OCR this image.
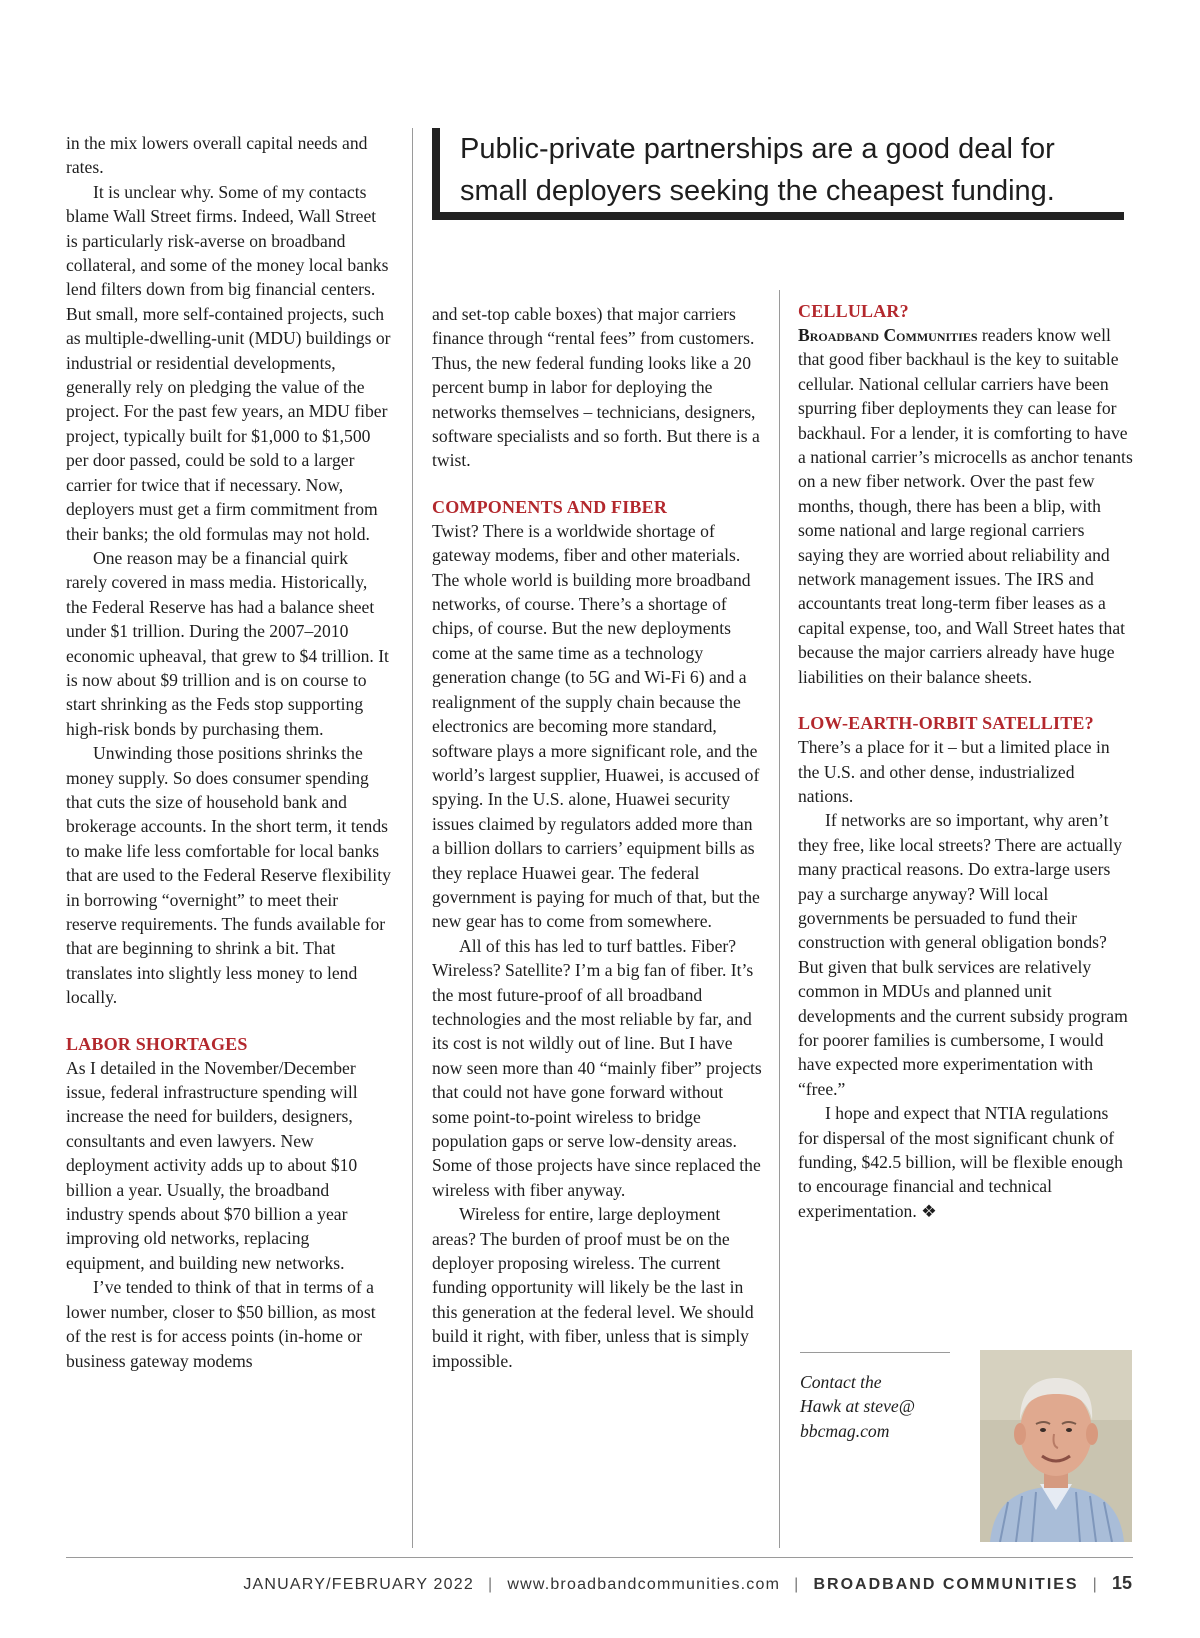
Public-private partnerships are a good deal for small deployers seeking the cheapest funding.

in the mix lowers overall capital needs and rates.

It is unclear why. Some of my contacts blame Wall Street firms. Indeed, Wall Street is particularly risk-averse on broadband collateral, and some of the money local banks lend filters down from big financial centers. But small, more self-contained projects, such as multiple-dwelling-unit (MDU) buildings or industrial or residential developments, generally rely on pledging the value of the project. For the past few years, an MDU fiber project, typically built for $1,000 to $1,500 per door passed, could be sold to a larger carrier for twice that if necessary. Now, deployers must get a firm commitment from their banks; the old formulas may not hold.

One reason may be a financial quirk rarely covered in mass media. Historically, the Federal Reserve has had a balance sheet under $1 trillion. During the 2007–2010 economic upheaval, that grew to $4 trillion. It is now about $9 trillion and is on course to start shrinking as the Feds stop supporting high-risk bonds by purchasing them.

Unwinding those positions shrinks the money supply. So does consumer spending that cuts the size of household bank and brokerage accounts. In the short term, it tends to make life less comfortable for local banks that are used to the Federal Reserve flexibility in borrowing “overnight” to meet their reserve requirements. The funds available for that are beginning to shrink a bit. That translates into slightly less money to lend locally.

LABOR SHORTAGES

As I detailed in the November/December issue, federal infrastructure spending will increase the need for builders, designers, consultants and even lawyers. New deployment activity adds up to about $10 billion a year. Usually, the broadband industry spends about $70 billion a year improving old networks, replacing equipment, and building new networks.

I’ve tended to think of that in terms of a lower number, closer to $50 billion, as most of the rest is for access points (in-home or business gateway modems

and set-top cable boxes) that major carriers finance through “rental fees” from customers. Thus, the new federal funding looks like a 20 percent bump in labor for deploying the networks themselves – technicians, designers, software specialists and so forth. But there is a twist.

COMPONENTS AND FIBER

Twist? There is a worldwide shortage of gateway modems, fiber and other materials. The whole world is building more broadband networks, of course. There’s a shortage of chips, of course. But the new deployments come at the same time as a technology generation change (to 5G and Wi-Fi 6) and a realignment of the supply chain because the electronics are becoming more standard, software plays a more significant role, and the world’s largest supplier, Huawei, is accused of spying. In the U.S. alone, Huawei security issues claimed by regulators added more than a billion dollars to carriers’ equipment bills as they replace Huawei gear. The federal government is paying for much of that, but the new gear has to come from somewhere.

All of this has led to turf battles. Fiber? Wireless? Satellite? I’m a big fan of fiber. It’s the most future-proof of all broadband technologies and the most reliable by far, and its cost is not wildly out of line. But I have now seen more than 40 “mainly fiber” projects that could not have gone forward without some point-to-point wireless to bridge population gaps or serve low-density areas. Some of those projects have since replaced the wireless with fiber anyway.

Wireless for entire, large deployment areas? The burden of proof must be on the deployer proposing wireless. The current funding opportunity will likely be the last in this generation at the federal level. We should build it right, with fiber, unless that is simply impossible.

CELLULAR?

Broadband Communities readers know well that good fiber backhaul is the key to suitable cellular. National cellular carriers have been spurring fiber deployments they can lease for backhaul. For a lender, it is comforting to have a national carrier’s microcells as anchor tenants on a new fiber network. Over the past few months, though, there has been a blip, with some national and large regional carriers saying they are worried about reliability and network management issues. The IRS and accountants treat long-term fiber leases as a capital expense, too, and Wall Street hates that because the major carriers already have huge liabilities on their balance sheets.

LOW-EARTH-ORBIT SATELLITE?

There’s a place for it – but a limited place in the U.S. and other dense, industrialized nations.

If networks are so important, why aren’t they free, like local streets? There are actually many practical reasons. Do extra-large users pay a surcharge anyway? Will local governments be persuaded to fund their construction with general obligation bonds? But given that bulk services are relatively common in MDUs and planned unit developments and the current subsidy program for poorer families is cumbersome, I would have expected more experimentation with “free.”

I hope and expect that NTIA regulations for dispersal of the most significant chunk of funding, $42.5 billion, will be flexible enough to encourage financial and technical experimentation. ❖

Contact the
Hawk at steve@
bbcmag.com
JANUARY/FEBRUARY 2022 | www.broadbandcommunities.com | BROADBAND COMMUNITIES | 15
